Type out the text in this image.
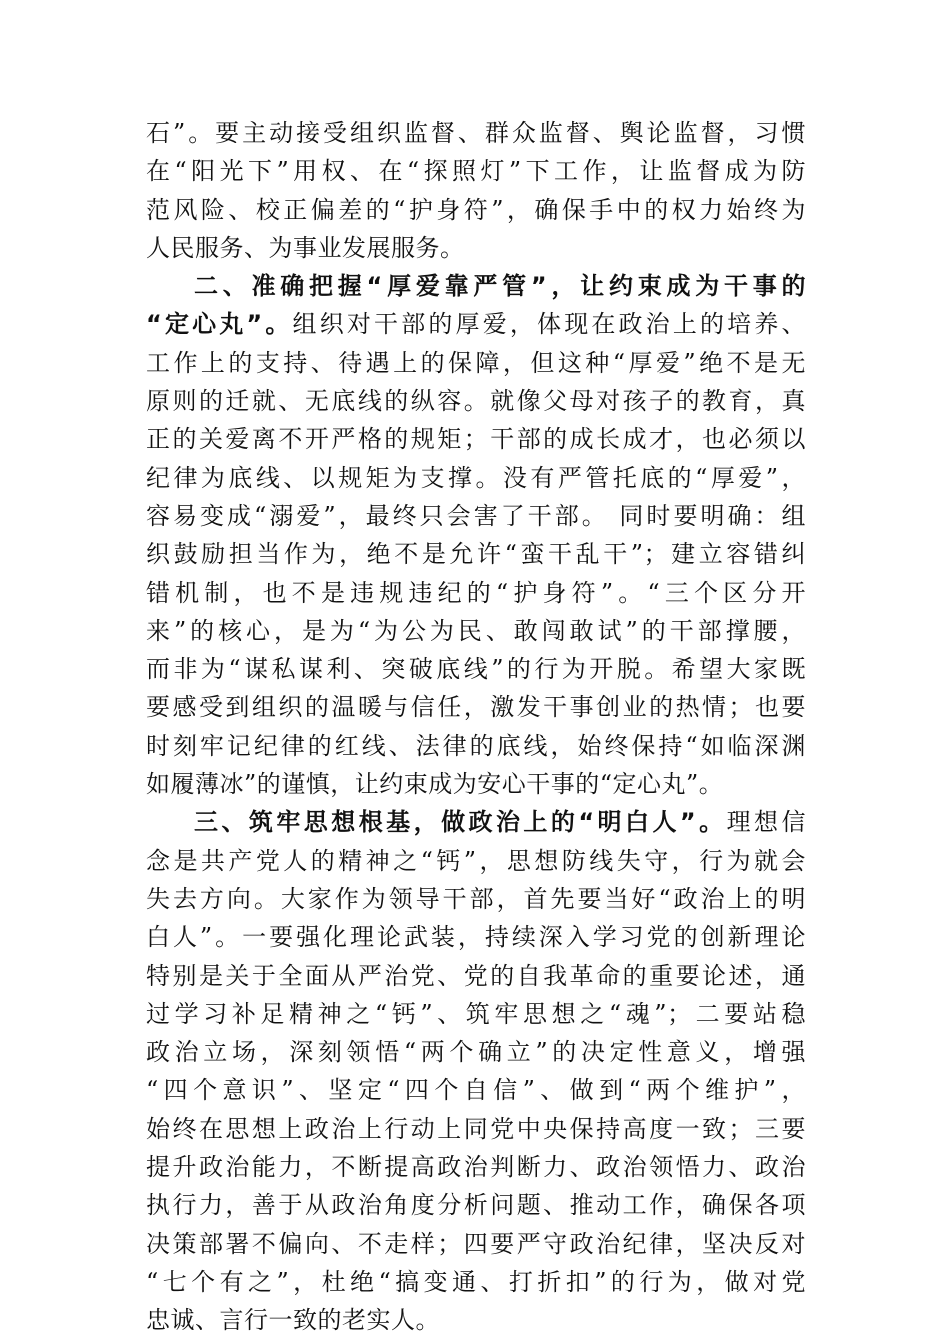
石”。要主动接受组织监督、群众监督、舆论监督，习惯
在“阳光下”用权、在“探照灯”下工作，让监督成为防
范风险、校正偏差的“护身符”，确保手中的权力始终为
人民服务、为事业发展服务。
二、准确把握“厚爱靠严管”，让约束成为干事的
“定心丸”。组织对干部的厚爱，体现在政治上的培养、
工作上的支持、待遇上的保障，但这种“厚爱”绝不是无
原则的迁就、无底线的纵容。就像父母对孩子的教育，真
正的关爱离不开严格的规矩；干部的成长成才，也必须以
纪律为底线、以规矩为支撑。没有严管托底的“厚爱”，
容易变成“溺爱”，最终只会害了干部。 同时要明确：组
织鼓励担当作为，绝不是允许“蛮干乱干”；建立容错纠
错机制，也不是违规违纪的“护身符”。“三个区分开
来”的核心，是为“为公为民、敢闯敢试”的干部撑腰，
而非为“谋私谋利、突破底线”的行为开脱。希望大家既
要感受到组织的温暖与信任，激发干事创业的热情；也要
时刻牢记纪律的红线、法律的底线，始终保持“如临深渊
如履薄冰”的谨慎，让约束成为安心干事的“定心丸”。
三、筑牢思想根基，做政治上的“明白人”。理想信
念是共产党人的精神之“钙”，思想防线失守，行为就会
失去方向。大家作为领导干部，首先要当好“政治上的明
白人”。一要强化理论武装，持续深入学习党的创新理论
特别是关于全面从严治党、党的自我革命的重要论述，通
过学习补足精神之“钙”、筑牢思想之“魂”；二要站稳
政治立场，深刻领悟“两个确立”的决定性意义，增强
“四个意识”、坚定“四个自信”、做到“两个维护”，
始终在思想上政治上行动上同党中央保持高度一致；三要
提升政治能力，不断提高政治判断力、政治领悟力、政治
执行力，善于从政治角度分析问题、推动工作，确保各项
决策部署不偏向、不走样；四要严守政治纪律，坚决反对
“七个有之”，杜绝“搞变通、打折扣”的行为，做对党
忠诚、言行一致的老实人。
